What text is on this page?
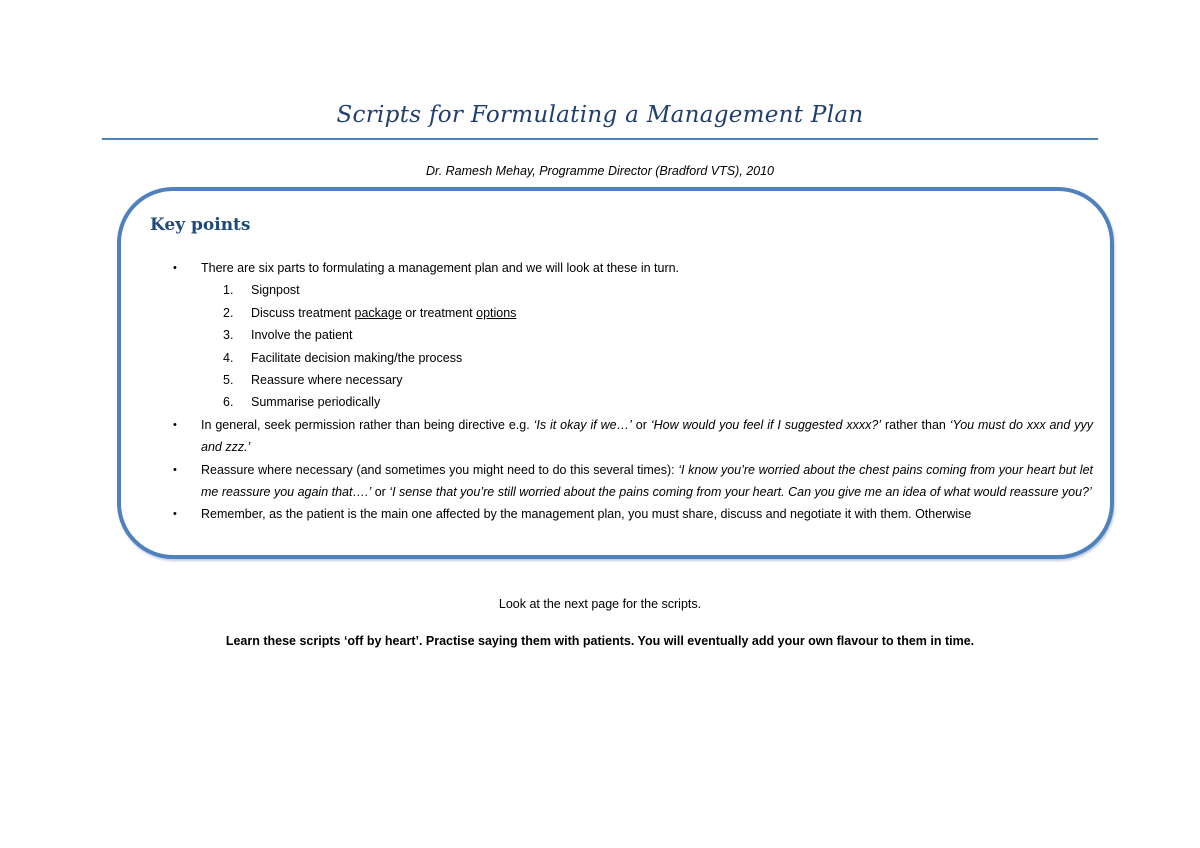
Scripts for Formulating a Management Plan
Dr. Ramesh Mehay, Programme Director (Bradford VTS), 2010
Key points
• There are six parts to formulating a management plan and we will look at these in turn.
1. Signpost
2. Discuss treatment package or treatment options
3. Involve the patient
4. Facilitate decision making/the process
5. Reassure where necessary
6. Summarise periodically
• In general, seek permission rather than being directive e.g. ‘Is it okay if we…’ or ‘How would you feel if I suggested xxxx?’ rather than ‘You must do xxx and yyy and zzz.’
• Reassure where necessary (and sometimes you might need to do this several times): ‘I know you’re worried about the chest pains coming from your heart but let me reassure you again that….’ or ‘I sense that you’re still worried about the pains coming from your heart. Can you give me an idea of what would reassure you?’
• Remember, as the patient is the main one affected by the management plan, you must share, discuss and negotiate it with them. Otherwise
Look at the next page for the scripts.
Learn these scripts ‘off by heart’. Practise saying them with patients. You will eventually add your own flavour to them in time.
